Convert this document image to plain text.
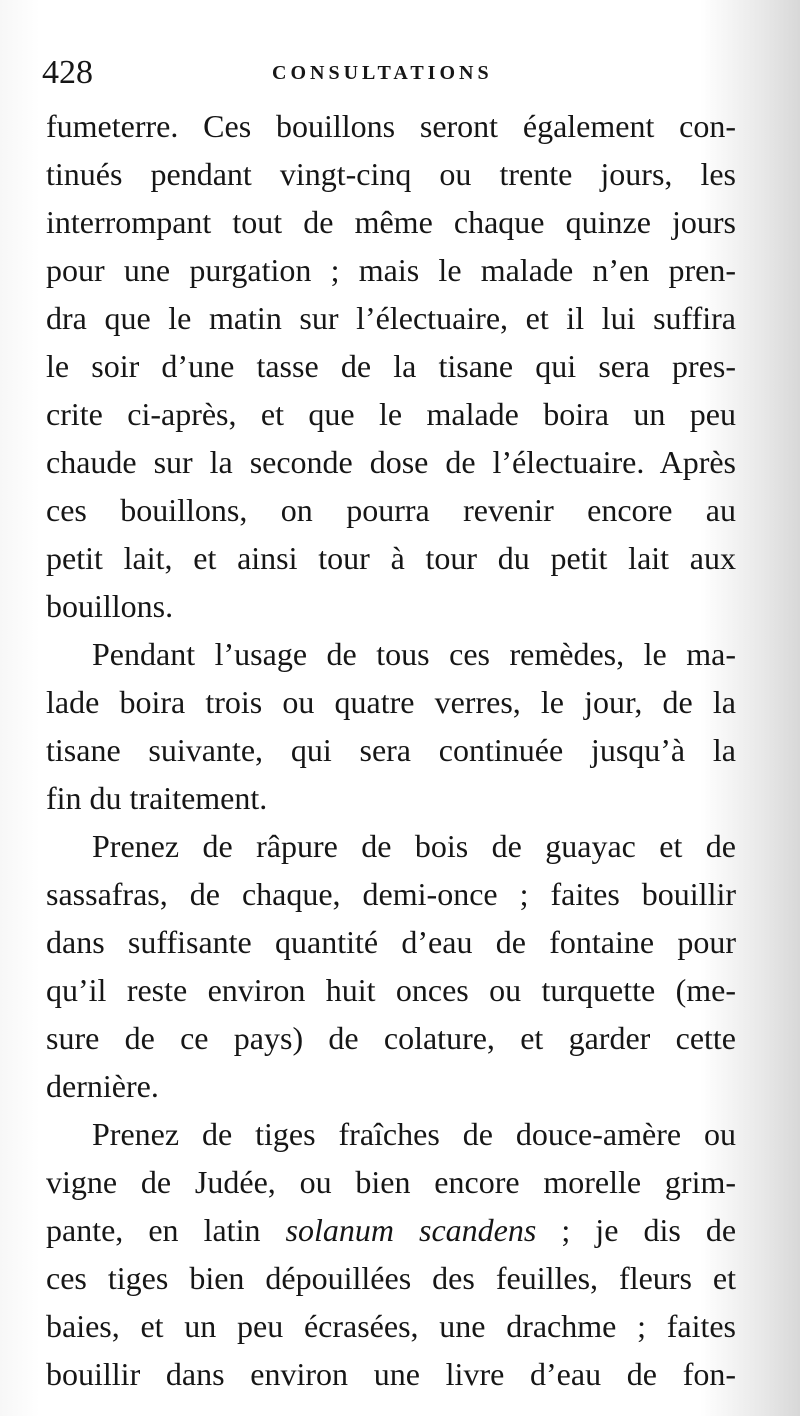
428	CONSULTATIONS
fumeterre. Ces bouillons seront également con-
tinués pendant vingt-cinq ou trente jours, les
interrompant tout de même chaque quinze jours
pour une purgation ; mais le malade n’en pren-
dra que le matin sur l’électuaire, et il lui suffira
le soir d’une tasse de la tisane qui sera pres-
crite ci-après, et que le malade boira un peu
chaude sur la seconde dose de l’électuaire. Après
ces bouillons, on pourra revenir encore au
petit lait, et ainsi tour à tour du petit lait aux
bouillons.
Pendant l’usage de tous ces remèdes, le ma-
lade boira trois ou quatre verres, le jour, de la
tisane suivante, qui sera continuée jusqu’à la
fin du traitement.
Prenez de râpure de bois de guayac et de
sassafras, de chaque, demi-once ; faites bouillir
dans suffisante quantité d’eau de fontaine pour
qu’il reste environ huit onces ou turquette (me-
sure de ce pays) de colature, et garder cette
dernière.
Prenez de tiges fraîches de douce-amère ou
vigne de Judée, ou bien encore morelle grim-
pante, en latin solanum scandens ; je dis de
ces tiges bien dépouillées des feuilles, fleurs et
baies, et un peu écrasées, une drachme ; faites
bouillir dans environ une livre d’eau de fon-
